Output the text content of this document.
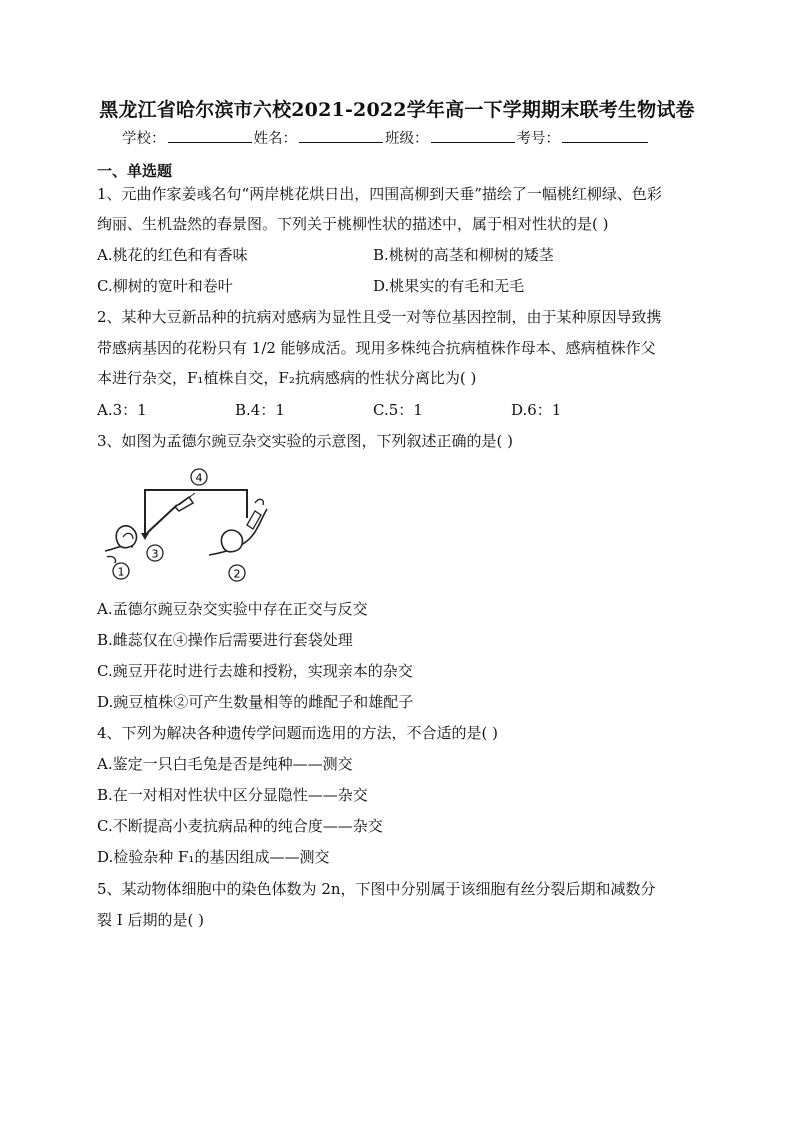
黑龙江省哈尔滨市六校2021-2022学年高一下学期期末联考生物试卷
学校：	姓名：	班级：	考号：
一、单选题
1、元曲作家姜彧名句“两岸桃花烘日出，四围高柳到天垂”描绘了一幅桃红柳绿、色彩
绚丽、生机盎然的春景图。下列关于桃柳性状的描述中，属于相对性状的是( )
A.桃花的红色和有香味	B.桃树的高茎和柳树的矮茎
C.柳树的宽叶和卷叶	D.桃果实的有毛和无毛
2、某种大豆新品种的抗病对感病为显性且受一对等位基因控制，由于某种原因导致携
带感病基因的花粉只有 1/2 能够成活。现用多株纯合抗病植株作母本、感病植株作父
本进行杂交，F₁植株自交，F₂抗病感病的性状分离比为( )
A.3：1	B.4：1	C.5：1	D.6：1
3、如图为孟德尔豌豆杂交实验的示意图，下列叙述正确的是( )
4
3
1	2
A.孟德尔豌豆杂交实验中存在正交与反交
B.雌蕊仅在④操作后需要进行套袋处理
C.豌豆开花时进行去雄和授粉，实现亲本的杂交
D.豌豆植株②可产生数量相等的雌配子和雄配子
4、下列为解决各种遗传学问题而选用的方法，不合适的是( )
A.鉴定一只白毛兔是否是纯种——测交
B.在一对相对性状中区分显隐性——杂交
C.不断提高小麦抗病品种的纯合度——杂交
D.检验杂种 F₁的基因组成——测交
5、某动物体细胞中的染色体数为 2n，下图中分别属于该细胞有丝分裂后期和减数分
裂 I 后期的是( )
